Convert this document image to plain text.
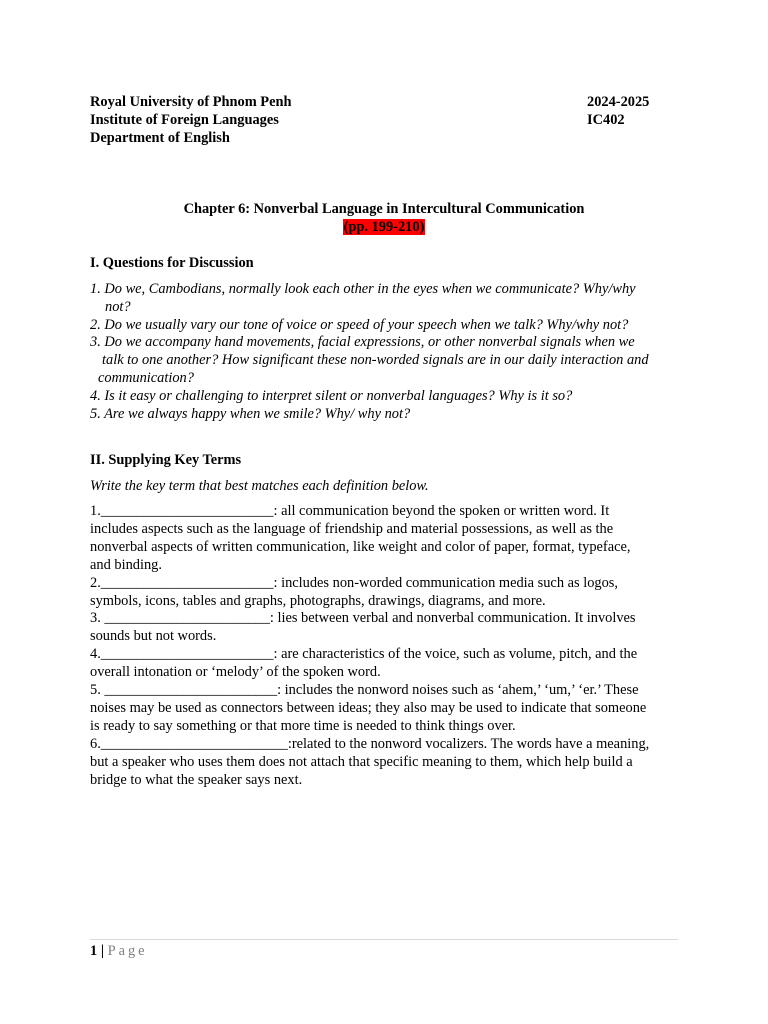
Royal University of Phnom Penh
Institute of Foreign Languages
Department of English
2024-2025
IC402
Chapter 6: Nonverbal Language in Intercultural Communication
(pp. 199-210)
I. Questions for Discussion
1. Do we, Cambodians, normally look each other in the eyes when we communicate? Why/why
not?
2. Do we usually vary our tone of voice or speed of your speech when we talk? Why/why not?
3. Do we accompany hand movements, facial expressions, or other nonverbal signals when we
talk to one another? How significant these non-worded signals are in our daily interaction and
communication?
4. Is it easy or challenging to interpret silent or nonverbal languages? Why is it so?
5. Are we always happy when we smile? Why/ why not?
II. Supplying Key Terms
Write the key term that best matches each definition below.
1.________________________: all communication beyond the spoken or written word. It
includes aspects such as the language of friendship and material possessions, as well as the
nonverbal aspects of written communication, like weight and color of paper, format, typeface,
and binding.
2.________________________: includes non-worded communication media such as logos,
symbols, icons, tables and graphs, photographs, drawings, diagrams, and more.
3. _______________________: lies between verbal and nonverbal communication. It involves
sounds but not words.
4.________________________: are characteristics of the voice, such as volume, pitch, and the
overall intonation or ‘melody’ of the spoken word.
5. ________________________: includes the nonword noises such as ‘ahem,’ ‘um,’ ‘er.’ These
noises may be used as connectors between ideas; they also may be used to indicate that someone
is ready to say something or that more time is needed to think things over.
6.__________________________:related to the nonword vocalizers. The words have a meaning,
but a speaker who uses them does not attach that specific meaning to them, which help build a
bridge to what the speaker says next.
1 | Page
